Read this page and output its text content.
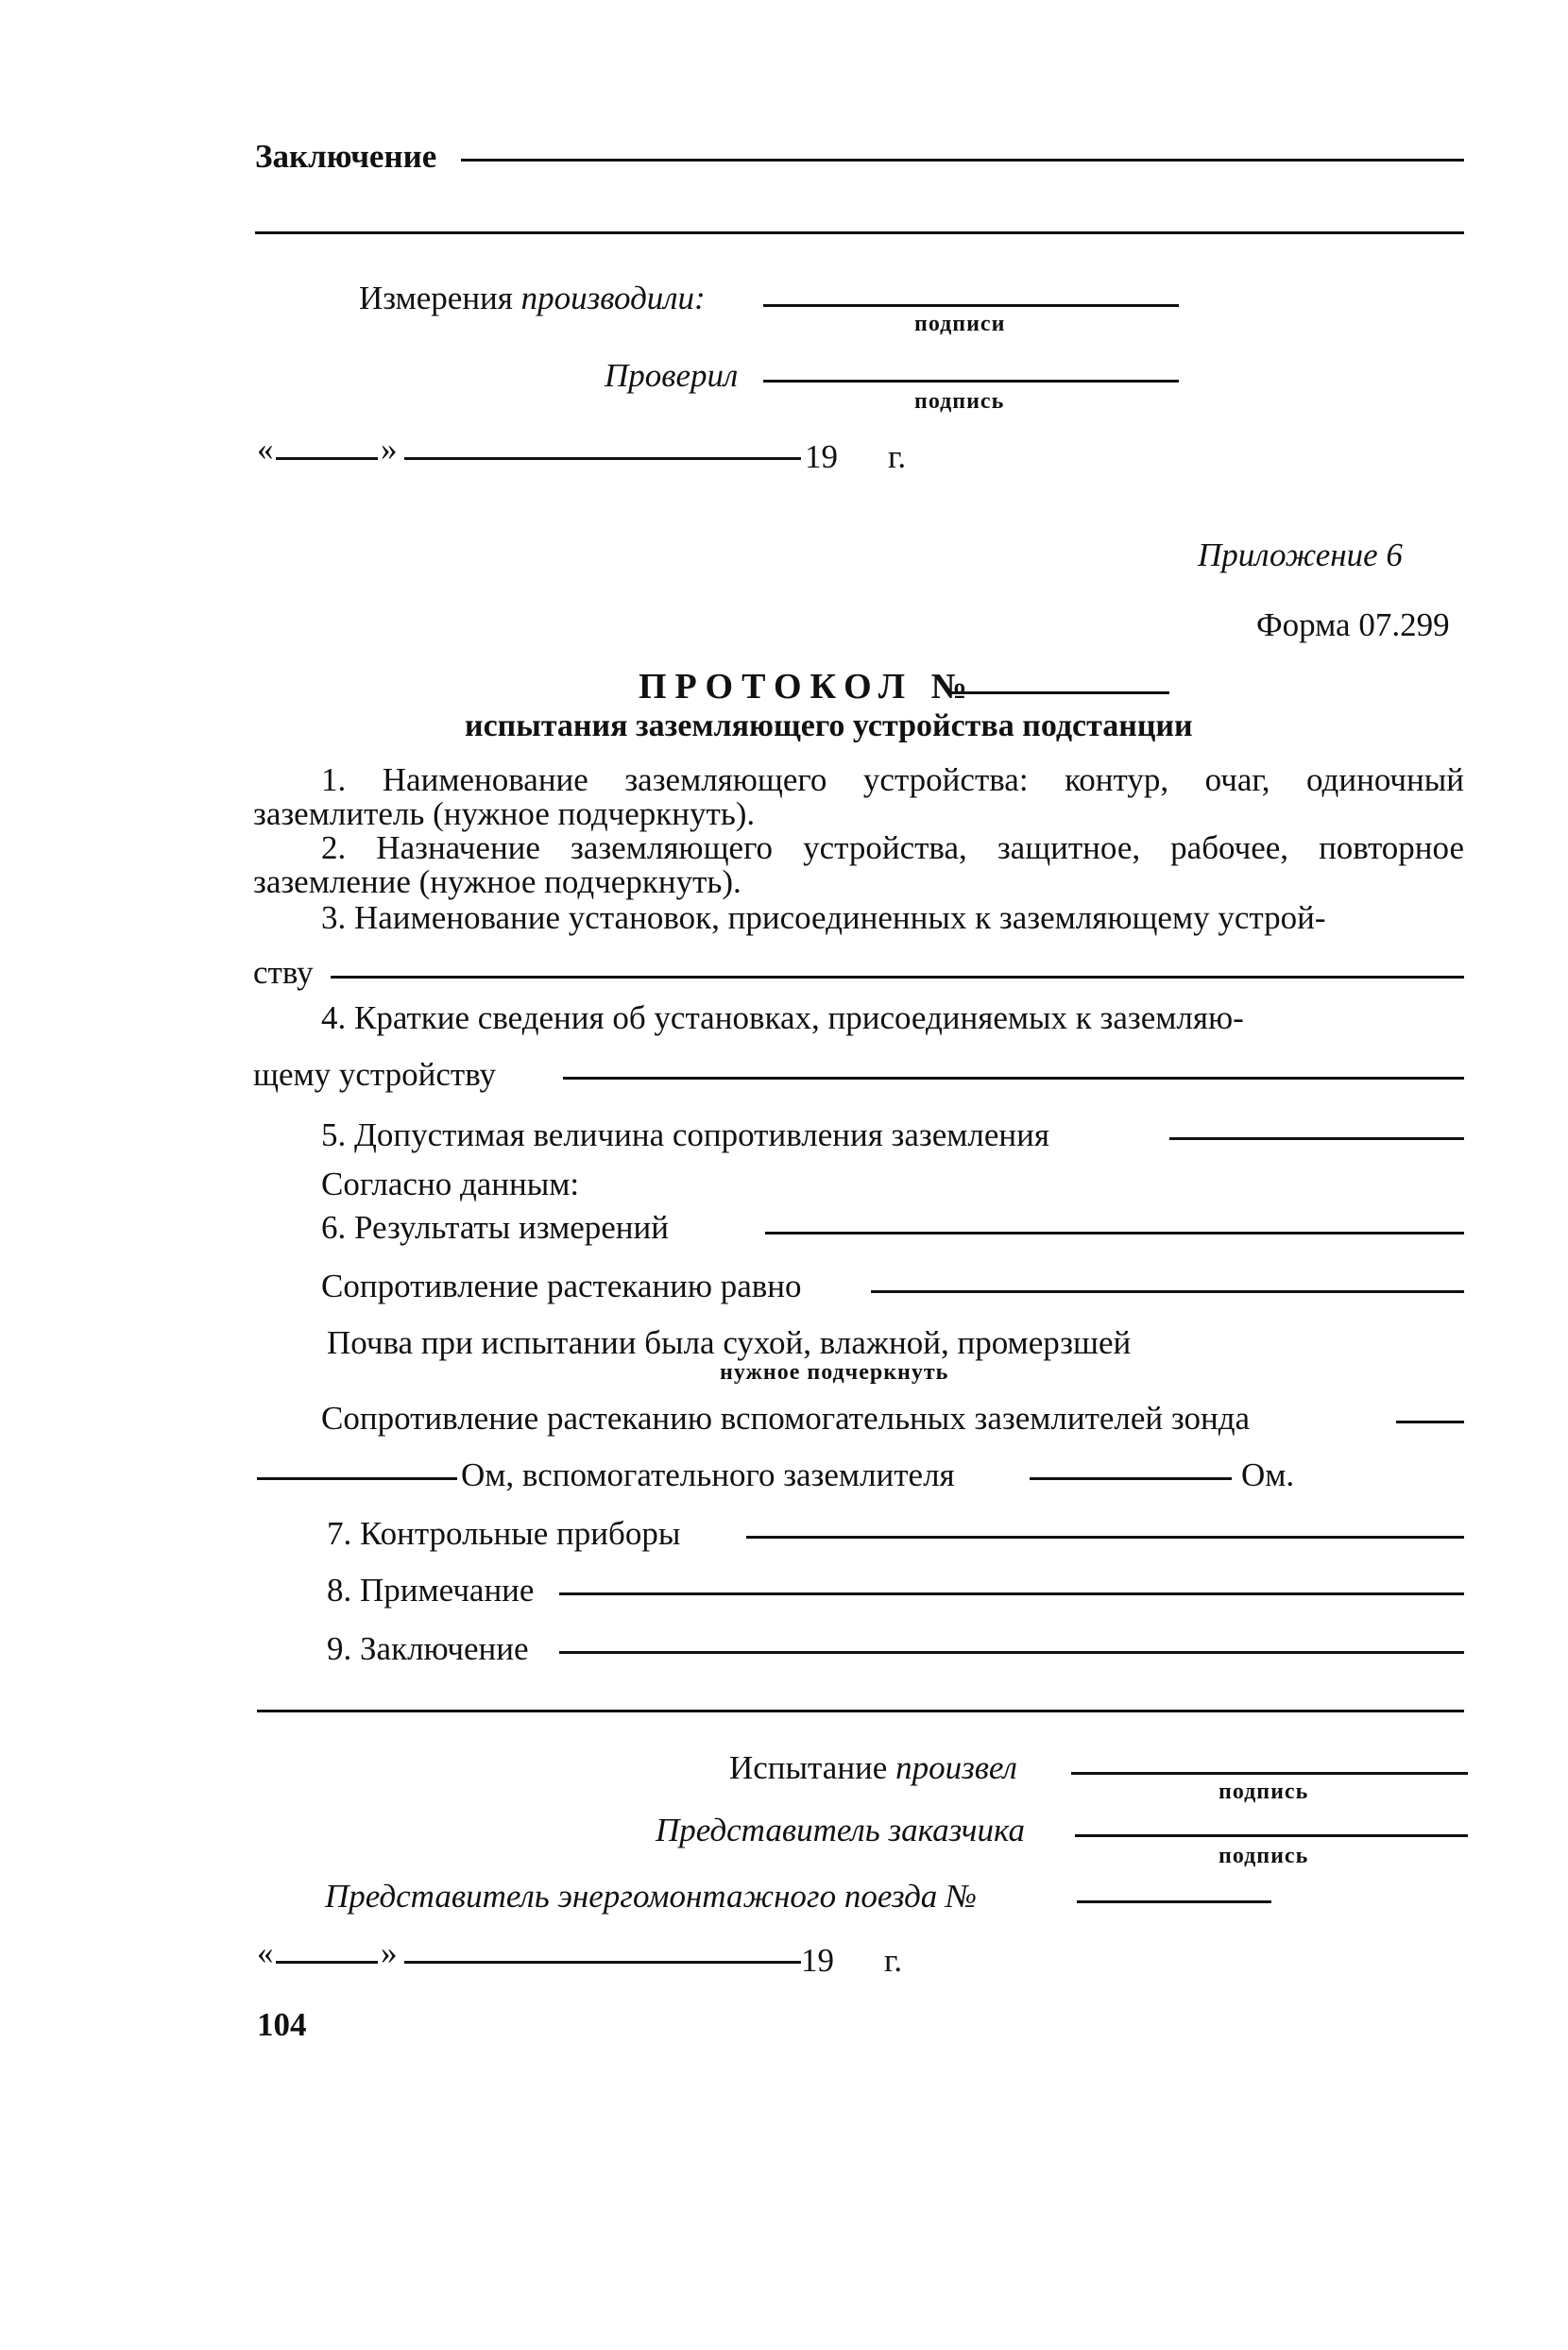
Заключение
Измерения производили:
подписи
Проверил
подпись
«	»	19 г.
Приложение 6
Форма 07.299
ПРОТОКОЛ №
испытания заземляющего устройства подстанции
1. Наименование заземляющего устройства: контур, очаг, одиночный заземлитель (нужное подчеркнуть).
2. Назначение заземляющего устройства, защитное, рабочее, повторное заземление (нужное подчеркнуть).
3. Наименование установок, присоединенных к заземляющему устрой-
ству
4. Краткие сведения об установках, присоединяемых к заземляю-
щему устройству
5. Допустимая величина сопротивления заземления
Согласно данным:
6. Результаты измерений
Сопротивление растеканию равно
Почва при испытании была сухой, влажной, промерзшей
нужное подчеркнуть
Сопротивление растеканию вспомогательных заземлителей зонда
Ом, вспомогательного заземлителя	Ом.
7. Контрольные приборы
8. Примечание
9. Заключение
Испытание произвел
подпись
Представитель заказчика
подпись
Представитель энергомонтажного поезда №
«	»	19 г.
104
